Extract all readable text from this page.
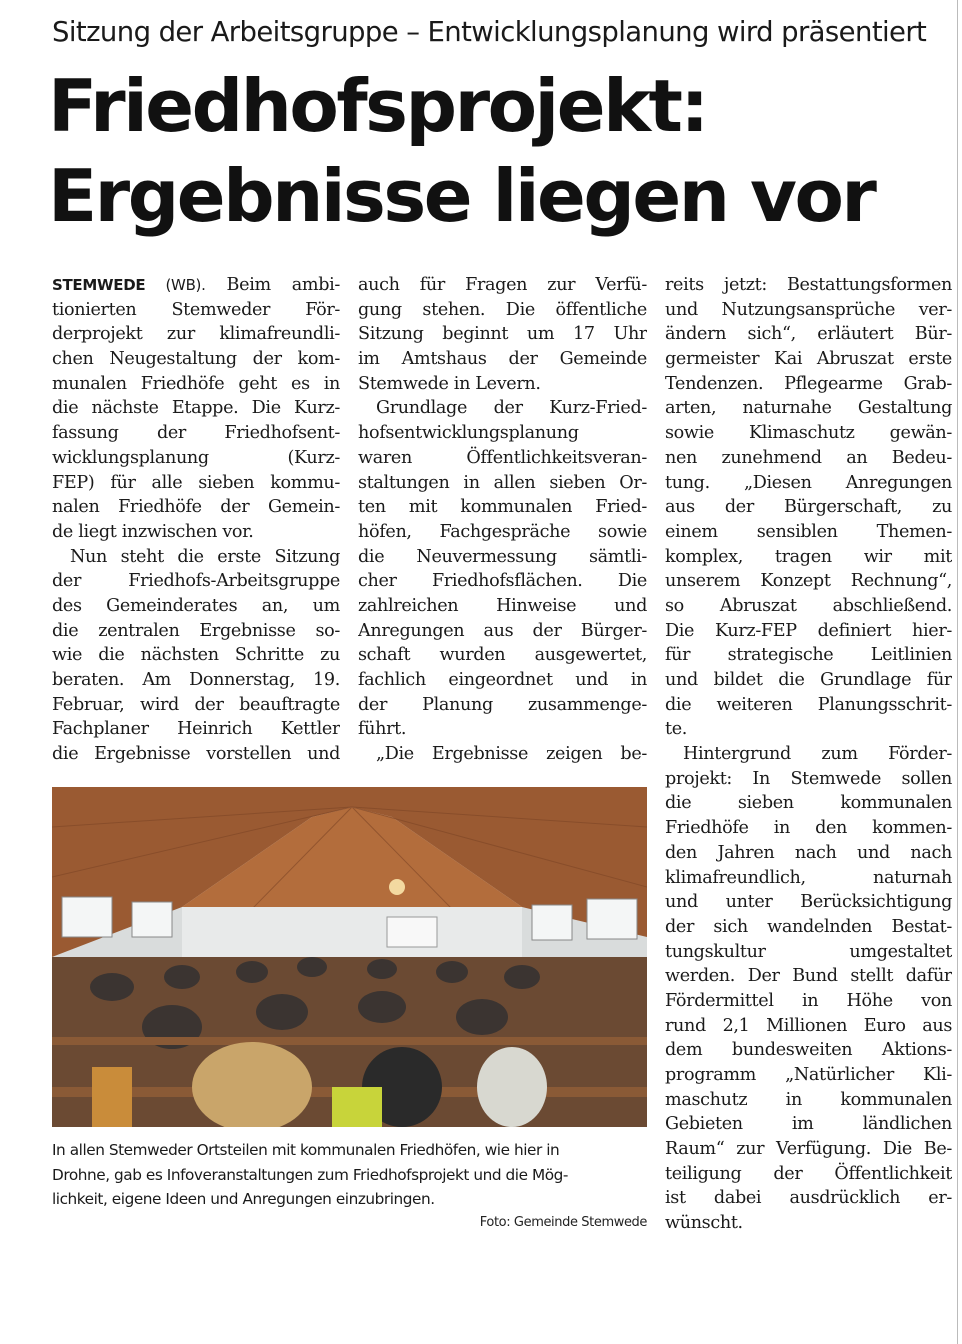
Sitzung der Arbeitsgruppe – Entwicklungsplanung wird präsentiert
Friedhofsprojekt:
Ergebnisse liegen vor
STEMWEDE (WB). Beim ambi-
tionierten Stemweder För-
derprojekt zur klimafreundli-
chen Neugestaltung der kom-
munalen Friedhöfe geht es in
die nächste Etappe. Die Kurz-
fassung der Friedhofsent-
wicklungsplanung (Kurz-
FEP) für alle sieben kommu-
nalen Friedhöfe der Gemein-
de liegt inzwischen vor.
Nun steht die erste Sitzung
der Friedhofs-Arbeitsgruppe
des Gemeinderates an, um
die zentralen Ergebnisse so-
wie die nächsten Schritte zu
beraten. Am Donnerstag, 19.
Februar, wird der beauftragte
Fachplaner Heinrich Kettler
die Ergebnisse vorstellen und
auch für Fragen zur Verfü-
gung stehen. Die öffentliche
Sitzung beginnt um 17 Uhr
im Amtshaus der Gemeinde
Stemwede in Levern.
Grundlage der Kurz-Fried-
hofsentwicklungsplanung
waren Öffentlichkeitsveran-
staltungen in allen sieben Or-
ten mit kommunalen Fried-
höfen, Fachgespräche sowie
die Neuvermessung sämtli-
cher Friedhofsflächen. Die
zahlreichen Hinweise und
Anregungen aus der Bürger-
schaft wurden ausgewertet,
fachlich eingeordnet und in
der Planung zusammenge-
führt.
„Die Ergebnisse zeigen be-
reits jetzt: Bestattungsformen
und Nutzungsansprüche ver-
ändern sich“, erläutert Bür-
germeister Kai Abruszat erste
Tendenzen. Pflegearme Grab-
arten, naturnahe Gestaltung
sowie Klimaschutz gewän-
nen zunehmend an Bedeu-
tung. „Diesen Anregungen
aus der Bürgerschaft, zu
einem sensiblen Themen-
komplex, tragen wir mit
unserem Konzept Rechnung“,
so Abruszat abschließend.
Die Kurz-FEP definiert hier-
für strategische Leitlinien
und bildet die Grundlage für
die weiteren Planungsschrit-
te.
Hintergrund zum Förder-
projekt: In Stemwede sollen
die sieben kommunalen
Friedhöfe in den kommen-
den Jahren nach und nach
klimafreundlich, naturnah
und unter Berücksichtigung
der sich wandelnden Bestat-
tungskultur umgestaltet
werden. Der Bund stellt dafür
Fördermittel in Höhe von
rund 2,1 Millionen Euro aus
dem bundesweiten Aktions-
programm „Natürlicher Kli-
maschutz in kommunalen
Gebieten im ländlichen
Raum“ zur Verfügung. Die Be-
teiligung der Öffentlichkeit
ist dabei ausdrücklich er-
wünscht.
In allen Stemweder Ortsteilen mit kommunalen Friedhöfen, wie hier in
Drohne, gab es Infoveranstaltungen zum Friedhofsprojekt und die Mög-
lichkeit, eigene Ideen und Anregungen einzubringen.
Foto: Gemeinde Stemwede
